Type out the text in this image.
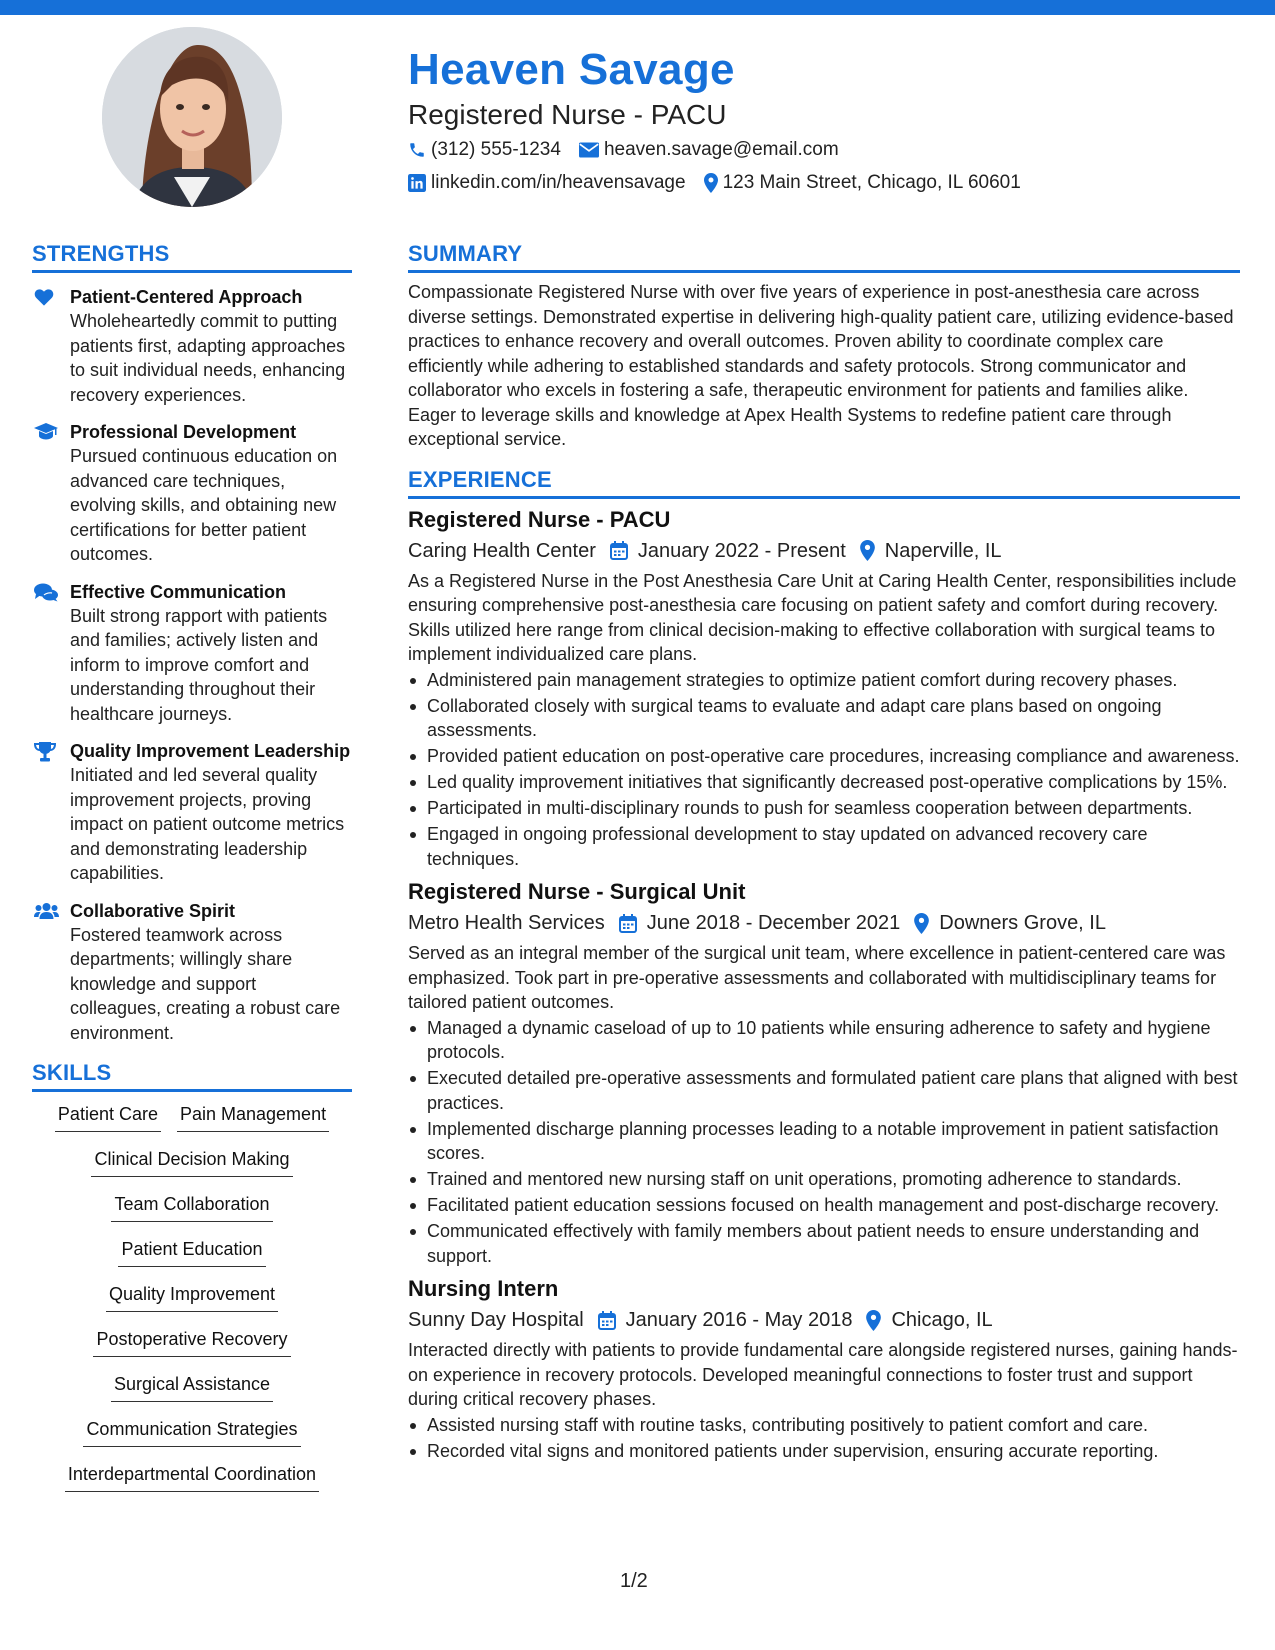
Heaven Savage
Registered Nurse - PACU
(312) 555-1234 heaven.savage@email.com
linkedin.com/in/heavensavage 123 Main Street, Chicago, IL 60601
STRENGTHS
Patient-Centered Approach
Wholeheartedly commit to putting patients first, adapting approaches to suit individual needs, enhancing recovery experiences.
Professional Development
Pursued continuous education on advanced care techniques, evolving skills, and obtaining new certifications for better patient outcomes.
Effective Communication
Built strong rapport with patients and families; actively listen and inform to improve comfort and understanding throughout their healthcare journeys.
Quality Improvement Leadership
Initiated and led several quality improvement projects, proving impact on patient outcome metrics and demonstrating leadership capabilities.
Collaborative Spirit
Fostered teamwork across departments; willingly share knowledge and support colleagues, creating a robust care environment.
SKILLS
Patient Care Pain Management
Clinical Decision Making
Team Collaboration
Patient Education
Quality Improvement
Postoperative Recovery
Surgical Assistance
Communication Strategies
Interdepartmental Coordination
SUMMARY
Compassionate Registered Nurse with over five years of experience in post-anesthesia care across diverse settings. Demonstrated expertise in delivering high-quality patient care, utilizing evidence-based practices to enhance recovery and overall outcomes. Proven ability to coordinate complex care efficiently while adhering to established standards and safety protocols. Strong communicator and collaborator who excels in fostering a safe, therapeutic environment for patients and families alike. Eager to leverage skills and knowledge at Apex Health Systems to redefine patient care through exceptional service.
EXPERIENCE
Registered Nurse - PACU
Caring Health Center January 2022 - Present Naperville, IL
As a Registered Nurse in the Post Anesthesia Care Unit at Caring Health Center, responsibilities include ensuring comprehensive post-anesthesia care focusing on patient safety and comfort during recovery. Skills utilized here range from clinical decision-making to effective collaboration with surgical teams to implement individualized care plans.
Administered pain management strategies to optimize patient comfort during recovery phases.
Collaborated closely with surgical teams to evaluate and adapt care plans based on ongoing assessments.
Provided patient education on post-operative care procedures, increasing compliance and awareness.
Led quality improvement initiatives that significantly decreased post-operative complications by 15%.
Participated in multi-disciplinary rounds to push for seamless cooperation between departments.
Engaged in ongoing professional development to stay updated on advanced recovery care techniques.
Registered Nurse - Surgical Unit
Metro Health Services June 2018 - December 2021 Downers Grove, IL
Served as an integral member of the surgical unit team, where excellence in patient-centered care was emphasized. Took part in pre-operative assessments and collaborated with multidisciplinary teams for tailored patient outcomes.
Managed a dynamic caseload of up to 10 patients while ensuring adherence to safety and hygiene protocols.
Executed detailed pre-operative assessments and formulated patient care plans that aligned with best practices.
Implemented discharge planning processes leading to a notable improvement in patient satisfaction scores.
Trained and mentored new nursing staff on unit operations, promoting adherence to standards.
Facilitated patient education sessions focused on health management and post-discharge recovery.
Communicated effectively with family members about patient needs to ensure understanding and support.
Nursing Intern
Sunny Day Hospital January 2016 - May 2018 Chicago, IL
Interacted directly with patients to provide fundamental care alongside registered nurses, gaining hands-on experience in recovery protocols. Developed meaningful connections to foster trust and support during critical recovery phases.
Assisted nursing staff with routine tasks, contributing positively to patient comfort and care.
Recorded vital signs and monitored patients under supervision, ensuring accurate reporting.
1/2
